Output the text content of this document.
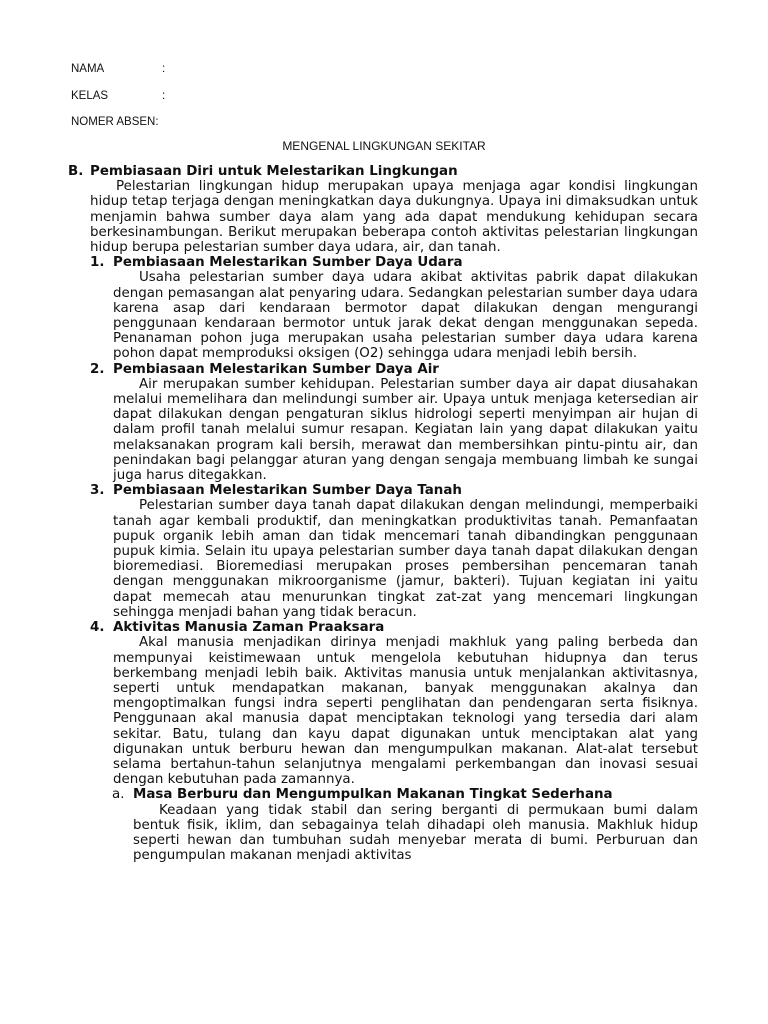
NAMA	:
KELAS	:
NOMER ABSEN:
MENGENAL LINGKUNGAN SEKITAR
B. Pembiasaan Diri untuk Melestarikan Lingkungan

Pelestarian lingkungan hidup merupakan upaya menjaga agar kondisi lingkungan hidup tetap terjaga dengan meningkatkan daya dukungnya. Upaya ini dimaksudkan untuk menjamin bahwa sumber daya alam yang ada dapat mendukung kehidupan secara berkesinambungan. Berikut merupakan beberapa contoh aktivitas pelestarian lingkungan hidup berupa pelestarian sumber daya udara, air, dan tanah.

1. Pembiasaan Melestarikan Sumber Daya Udara

Usaha pelestarian sumber daya udara akibat aktivitas pabrik dapat dilakukan dengan pemasangan alat penyaring udara. Sedangkan pelestarian sumber daya udara karena asap dari kendaraan bermotor dapat dilakukan dengan mengurangi penggunaan kendaraan bermotor untuk jarak dekat dengan menggunakan sepeda. Penanaman pohon juga merupakan usaha pelestarian sumber daya udara karena pohon dapat memproduksi oksigen (O2) sehingga udara menjadi lebih bersih.

2. Pembiasaan Melestarikan Sumber Daya Air

Air merupakan sumber kehidupan. Pelestarian sumber daya air dapat diusahakan melalui memelihara dan melindungi sumber air. Upaya untuk menjaga ketersedian air dapat dilakukan dengan pengaturan siklus hidrologi seperti menyimpan air hujan di dalam profil tanah melalui sumur resapan. Kegiatan lain yang dapat dilakukan yaitu melaksanakan program kali bersih, merawat dan membersihkan pintu-pintu air, dan penindakan bagi pelanggar aturan yang dengan sengaja membuang limbah ke sungai juga harus ditegakkan.

3. Pembiasaan Melestarikan Sumber Daya Tanah

Pelestarian sumber daya tanah dapat dilakukan dengan melindungi, memperbaiki tanah agar kembali produktif, dan meningkatkan produktivitas tanah. Pemanfaatan pupuk organik lebih aman dan tidak mencemari tanah dibandingkan penggunaan pupuk kimia. Selain itu upaya pelestarian sumber daya tanah dapat dilakukan dengan bioremediasi. Bioremediasi merupakan proses pembersihan pencemaran tanah dengan menggunakan mikroorganisme (jamur, bakteri). Tujuan kegiatan ini yaitu dapat memecah atau menurunkan tingkat zat-zat yang mencemari lingkungan sehingga menjadi bahan yang tidak beracun.

4. Aktivitas Manusia Zaman Praaksara

Akal manusia menjadikan dirinya menjadi makhluk yang paling berbeda dan mempunyai keistimewaan untuk mengelola kebutuhan hidupnya dan terus berkembang menjadi lebih baik. Aktivitas manusia untuk menjalankan aktivitasnya, seperti untuk mendapatkan makanan, banyak menggunakan akalnya dan mengoptimalkan fungsi indra seperti penglihatan dan pendengaran serta fisiknya. Penggunaan akal manusia dapat menciptakan teknologi yang tersedia dari alam sekitar. Batu, tulang dan kayu dapat digunakan untuk menciptakan alat yang digunakan untuk berburu hewan dan mengumpulkan makanan. Alat-alat tersebut selama bertahun-tahun selanjutnya mengalami perkembangan dan inovasi sesuai dengan kebutuhan pada zamannya.

a. Masa Berburu dan Mengumpulkan Makanan Tingkat Sederhana

Keadaan yang tidak stabil dan sering berganti di permukaan bumi dalam bentuk fisik, iklim, dan sebagainya telah dihadapi oleh manusia. Makhluk hidup seperti hewan dan tumbuhan sudah menyebar merata di bumi. Perburuan dan pengumpulan makanan menjadi aktivitas
